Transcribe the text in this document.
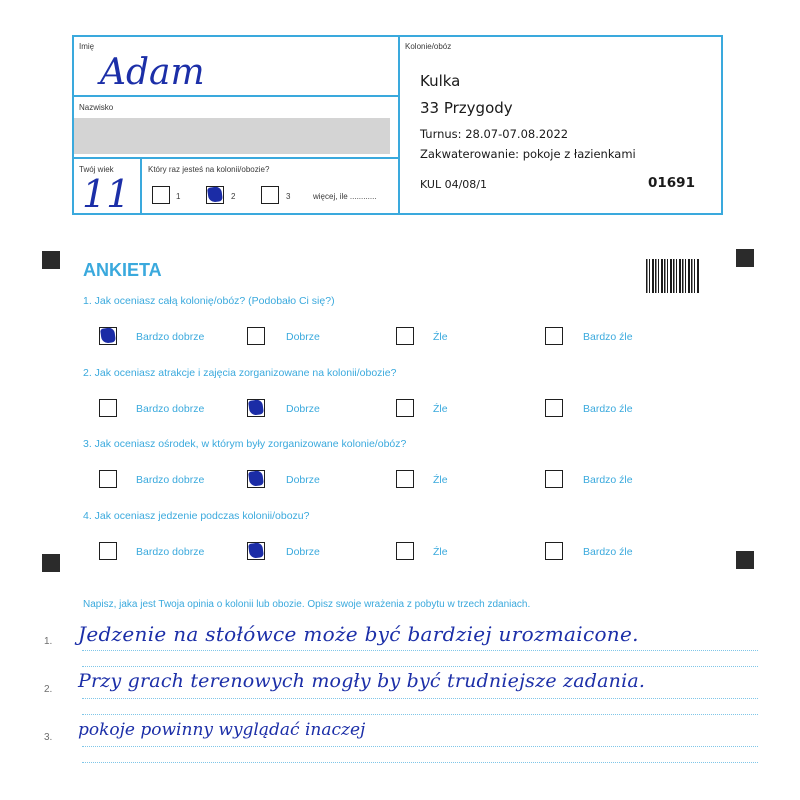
Imię
Adam
Nazwisko
Twój wiek
11
Który raz jesteś na kolonii/obozie?
1	2	3	więcej, ile ............
Kolonie/obóz
Kulka
33 Przygody
Turnus: 28.07-07.08.2022
Zakwaterowanie: pokoje z łazienkami
KUL 04/08/1	01691
ANKIETA
1. Jak oceniasz całą kolonię/obóz? (Podobało Ci się?)
Bardzo dobrze	Dobrze	Źle	Bardzo źle
2. Jak oceniasz atrakcje i zajęcia zorganizowane na kolonii/obozie?
Bardzo dobrze	Dobrze	Źle	Bardzo źle
3. Jak oceniasz ośrodek, w którym były zorganizowane kolonie/obóz?
Bardzo dobrze	Dobrze	Źle	Bardzo źle
4. Jak oceniasz jedzenie podczas kolonii/obozu?
Bardzo dobrze	Dobrze	Źle	Bardzo źle
Napisz, jaka jest Twoja opinia o kolonii lub obozie. Opisz swoje wrażenia z pobytu w trzech zdaniach.
1.
2.
3.
Jedzenie na stołówce może być bardziej urozmaicone.
Przy grach terenowych mogły by być trudniejsze zadania.
pokoje powinny wyglądać inaczej
